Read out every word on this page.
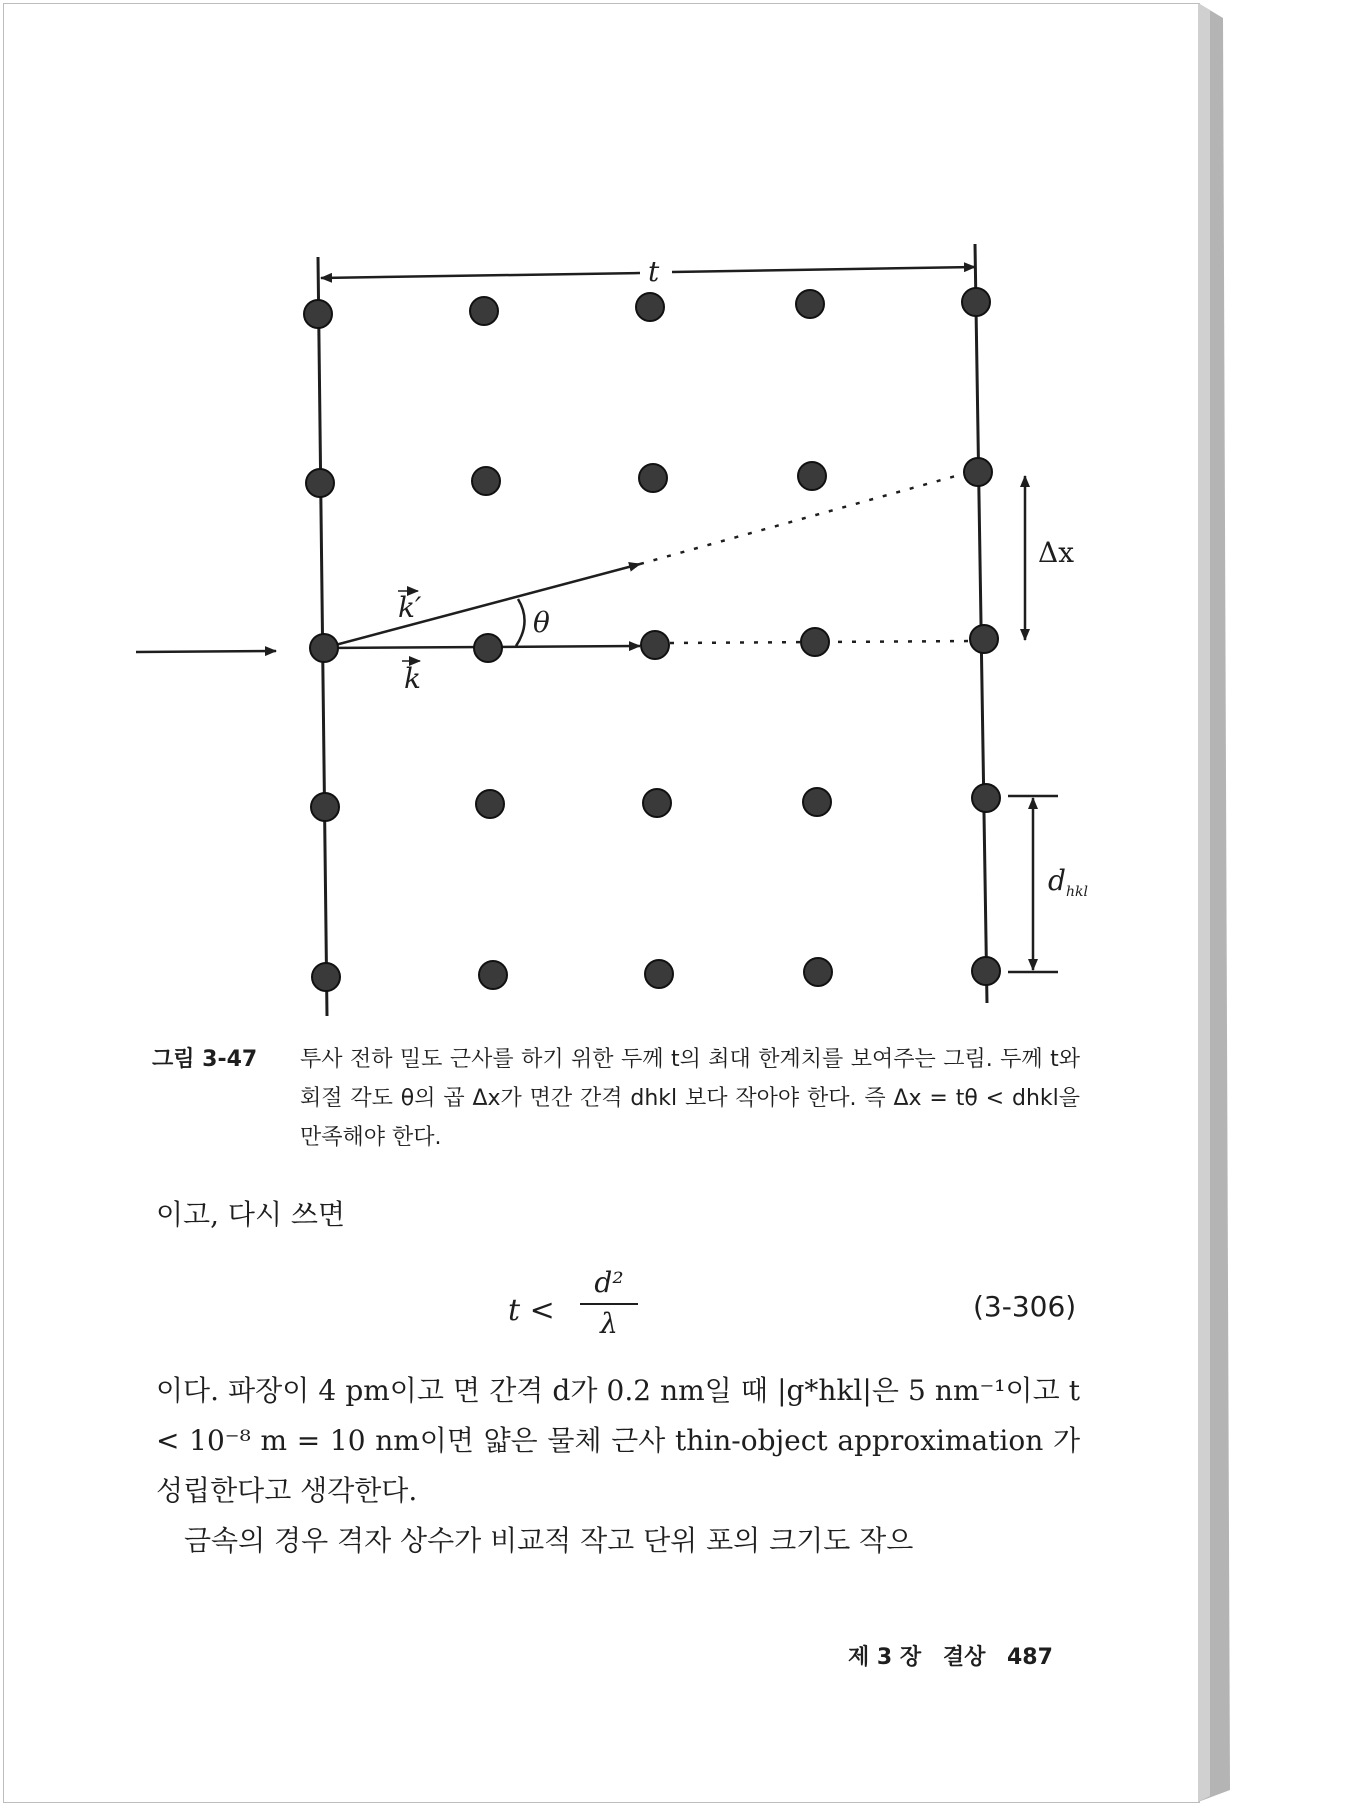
t
k′
k
θ
Δx
$d_{hkl}$
그림 3-47 투사 전하 밀도 근사를 하기 위한 두께 t의 최대 한계치를 보여주는 그림. 두께 t와 회절 각도 θ의 곱 Δx가 면간 간격 dhkl 보다 작아야 한다. 즉 Δx = tθ < dhkl을 만족해야 한다.
이고, 다시 쓰면
t <
d²
λ
(3-306)
이다. 파장이 4 pm이고 면 간격 d가 0.2 nm일 때 |g*hkl|은 5 nm⁻¹이고 t < 10⁻⁸ m = 10 nm이면 얇은 물체 근사 thin-object approximation 가 성립한다고 생각한다.
금속의 경우 격자 상수가 비교적 작고 단위 포의 크기도 작으
제 3 장 결상 487
